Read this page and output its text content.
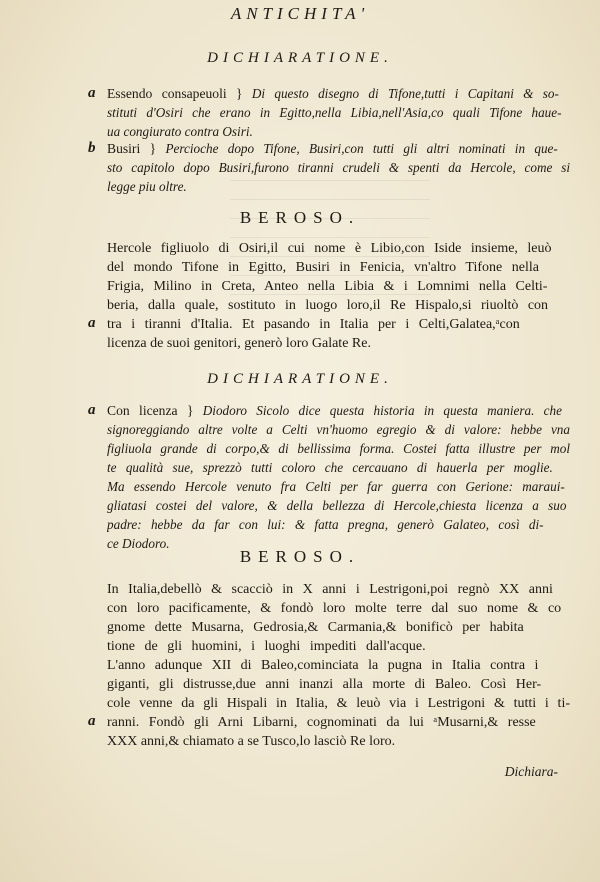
ANTICHITA'
DICHIARATIONE.
a Essendo consapeuoli } Di questo disegno di Tifone,tutti i Capitani & so-
stituti d'Osiri che erano in Egitto,nella Libia,nell'Asia,co quali Tifone haue-
ua congiurato contra Osiri.
b Busiri } Percioche dopo Tifone, Busiri,con tutti gli altri nominati in que-
sto capitolo dopo Busiri,furono tiranni crudeli & spenti da Hercole, come si
legge piu oltre.
BEROSO.
a
Hercole figliuolo di Osiri,il cui nome è Libio,con Iside insieme, leuò
del mondo Tifone in Egitto, Busiri in Fenicia, vn'altro Tifone nella
Frigia, Milino in Creta, Anteo nella Libia & i Lomnimi nella Celti-
beria, dalla quale, sostituto in luogo loro,il Re Hispalo,si riuoltò con
tra i tiranni d'Italia. Et pasando in Italia per i Celti,Galatea,ᵃcon
licenza de suoi genitori, generò loro Galate Re.
DICHIARATIONE.
a Con licenza } Diodoro Sicolo dice questa historia in questa maniera. che
signoreggiando altre volte a Celti vn'huomo egregio & di valore: hebbe vna
figliuola grande di corpo,& di bellissima forma. Costei fatta illustre per mol
te qualità sue, sprezzò tutti coloro che cercauano di hauerla per moglie.
Ma essendo Hercole venuto fra Celti per far guerra con Gerione: maraui-
gliatasi costei del valore, & della bellezza di Hercole,chiesta licenza a suo
padre: hebbe da far con lui: & fatta pregna, generò Galateo, così di-
ce Diodoro.
BEROSO.
a
In Italia,debellò & scacciò in X anni i Lestrigoni,poi regnò XX anni
con loro pacificamente, & fondò loro molte terre dal suo nome & co
gnome dette Musarna, Gedrosia,& Carmania,& bonificò per habita
tione de gli huomini, i luoghi impediti dall'acque.
L'anno adunque XII di Baleo,cominciata la pugna in Italia contra i
giganti, gli distrusse,due anni inanzi alla morte di Baleo. Così Her-
cole venne da gli Hispali in Italia, & leuò via i Lestrigoni & tutti i ti-
ranni. Fondò gli Arni Libarni, cognominati da lui ᵃMusarni,& resse
XXX anni,& chiamato a se Tusco,lo lasciò Re loro.
Dichiara-
